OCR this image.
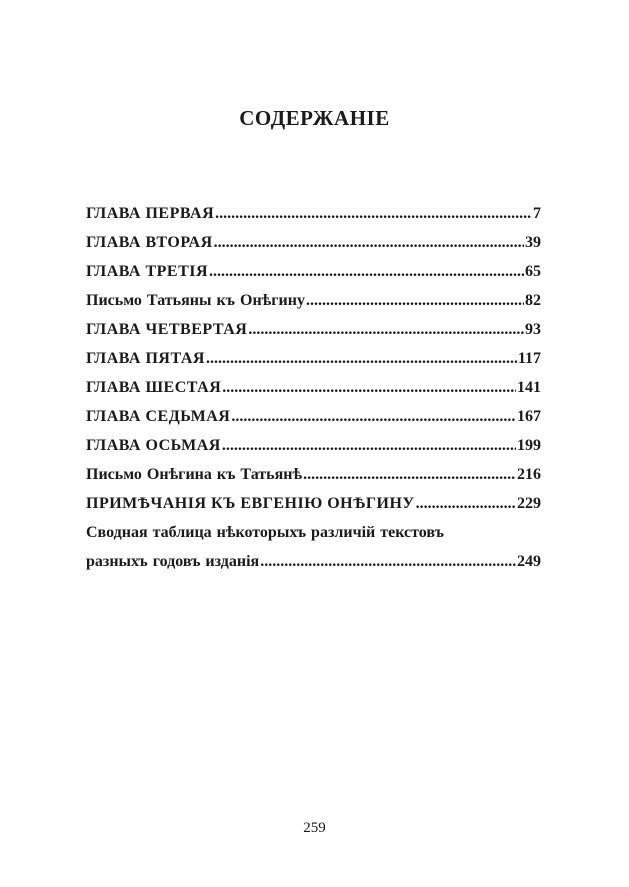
СОДЕРЖАНІЕ
ГЛАВА ПЕРВАЯ .....	7
ГЛАВА ВТОРАЯ .....	39
ГЛАВА ТРЕТІЯ .....	65
Письмо Татьяны къ Онѣгину .....	82
ГЛАВА ЧЕТВЕРТАЯ .....	93
ГЛАВА ПЯТАЯ .....	117
ГЛАВА ШЕСТАЯ .....	141
ГЛАВА СЕДЬМАЯ .....	167
ГЛАВА ОСЬМАЯ .....	199
Письмо Онѣгина къ Татьянѣ .....	216
ПРИМѢЧАНІЯ КЪ ЕВГЕНІЮ ОНѢГИНУ .....	229
Сводная таблица нѣкоторыхъ различій текстовъ
разныхъ годовъ изданія .....	249
259
